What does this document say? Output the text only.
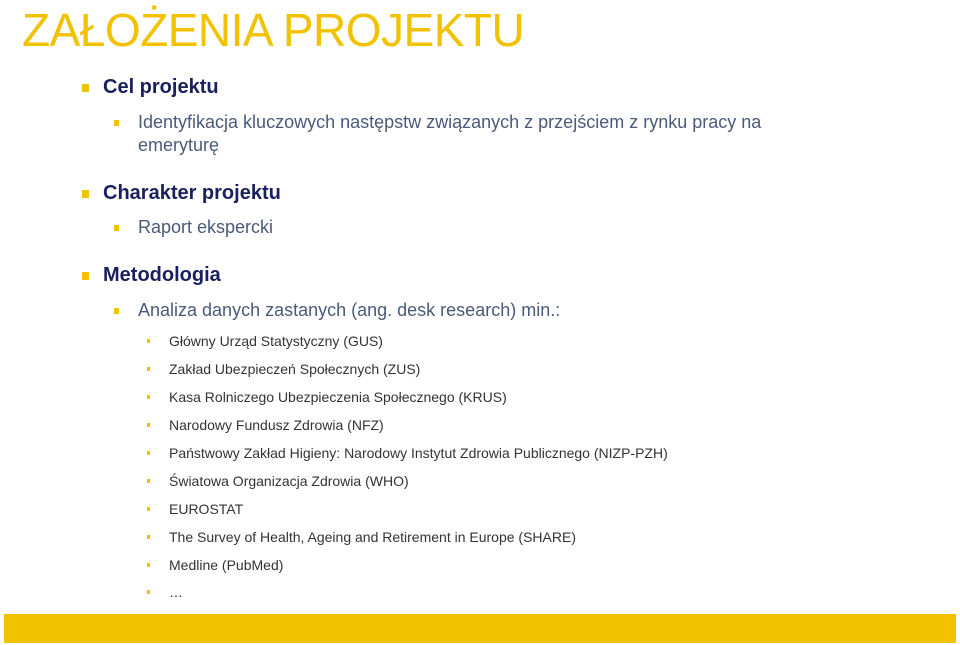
ZAŁOŻENIA PROJEKTU
Cel projektu
Identyfikacja kluczowych następstw związanych z przejściem z rynku pracy na emeryturę
Charakter projektu
Raport ekspercki
Metodologia
Analiza danych zastanych (ang. desk research) min.:
Główny Urząd Statystyczny (GUS)
Zakład Ubezpieczeń Społecznych (ZUS)
Kasa Rolniczego Ubezpieczenia Społecznego (KRUS)
Narodowy Fundusz Zdrowia (NFZ)
Państwowy Zakład Higieny: Narodowy Instytut Zdrowia Publicznego (NIZP-PZH)
Światowa Organizacja Zdrowia (WHO)
EUROSTAT
The Survey of Health, Ageing and Retirement in Europe (SHARE)
Medline (PubMed)
…
